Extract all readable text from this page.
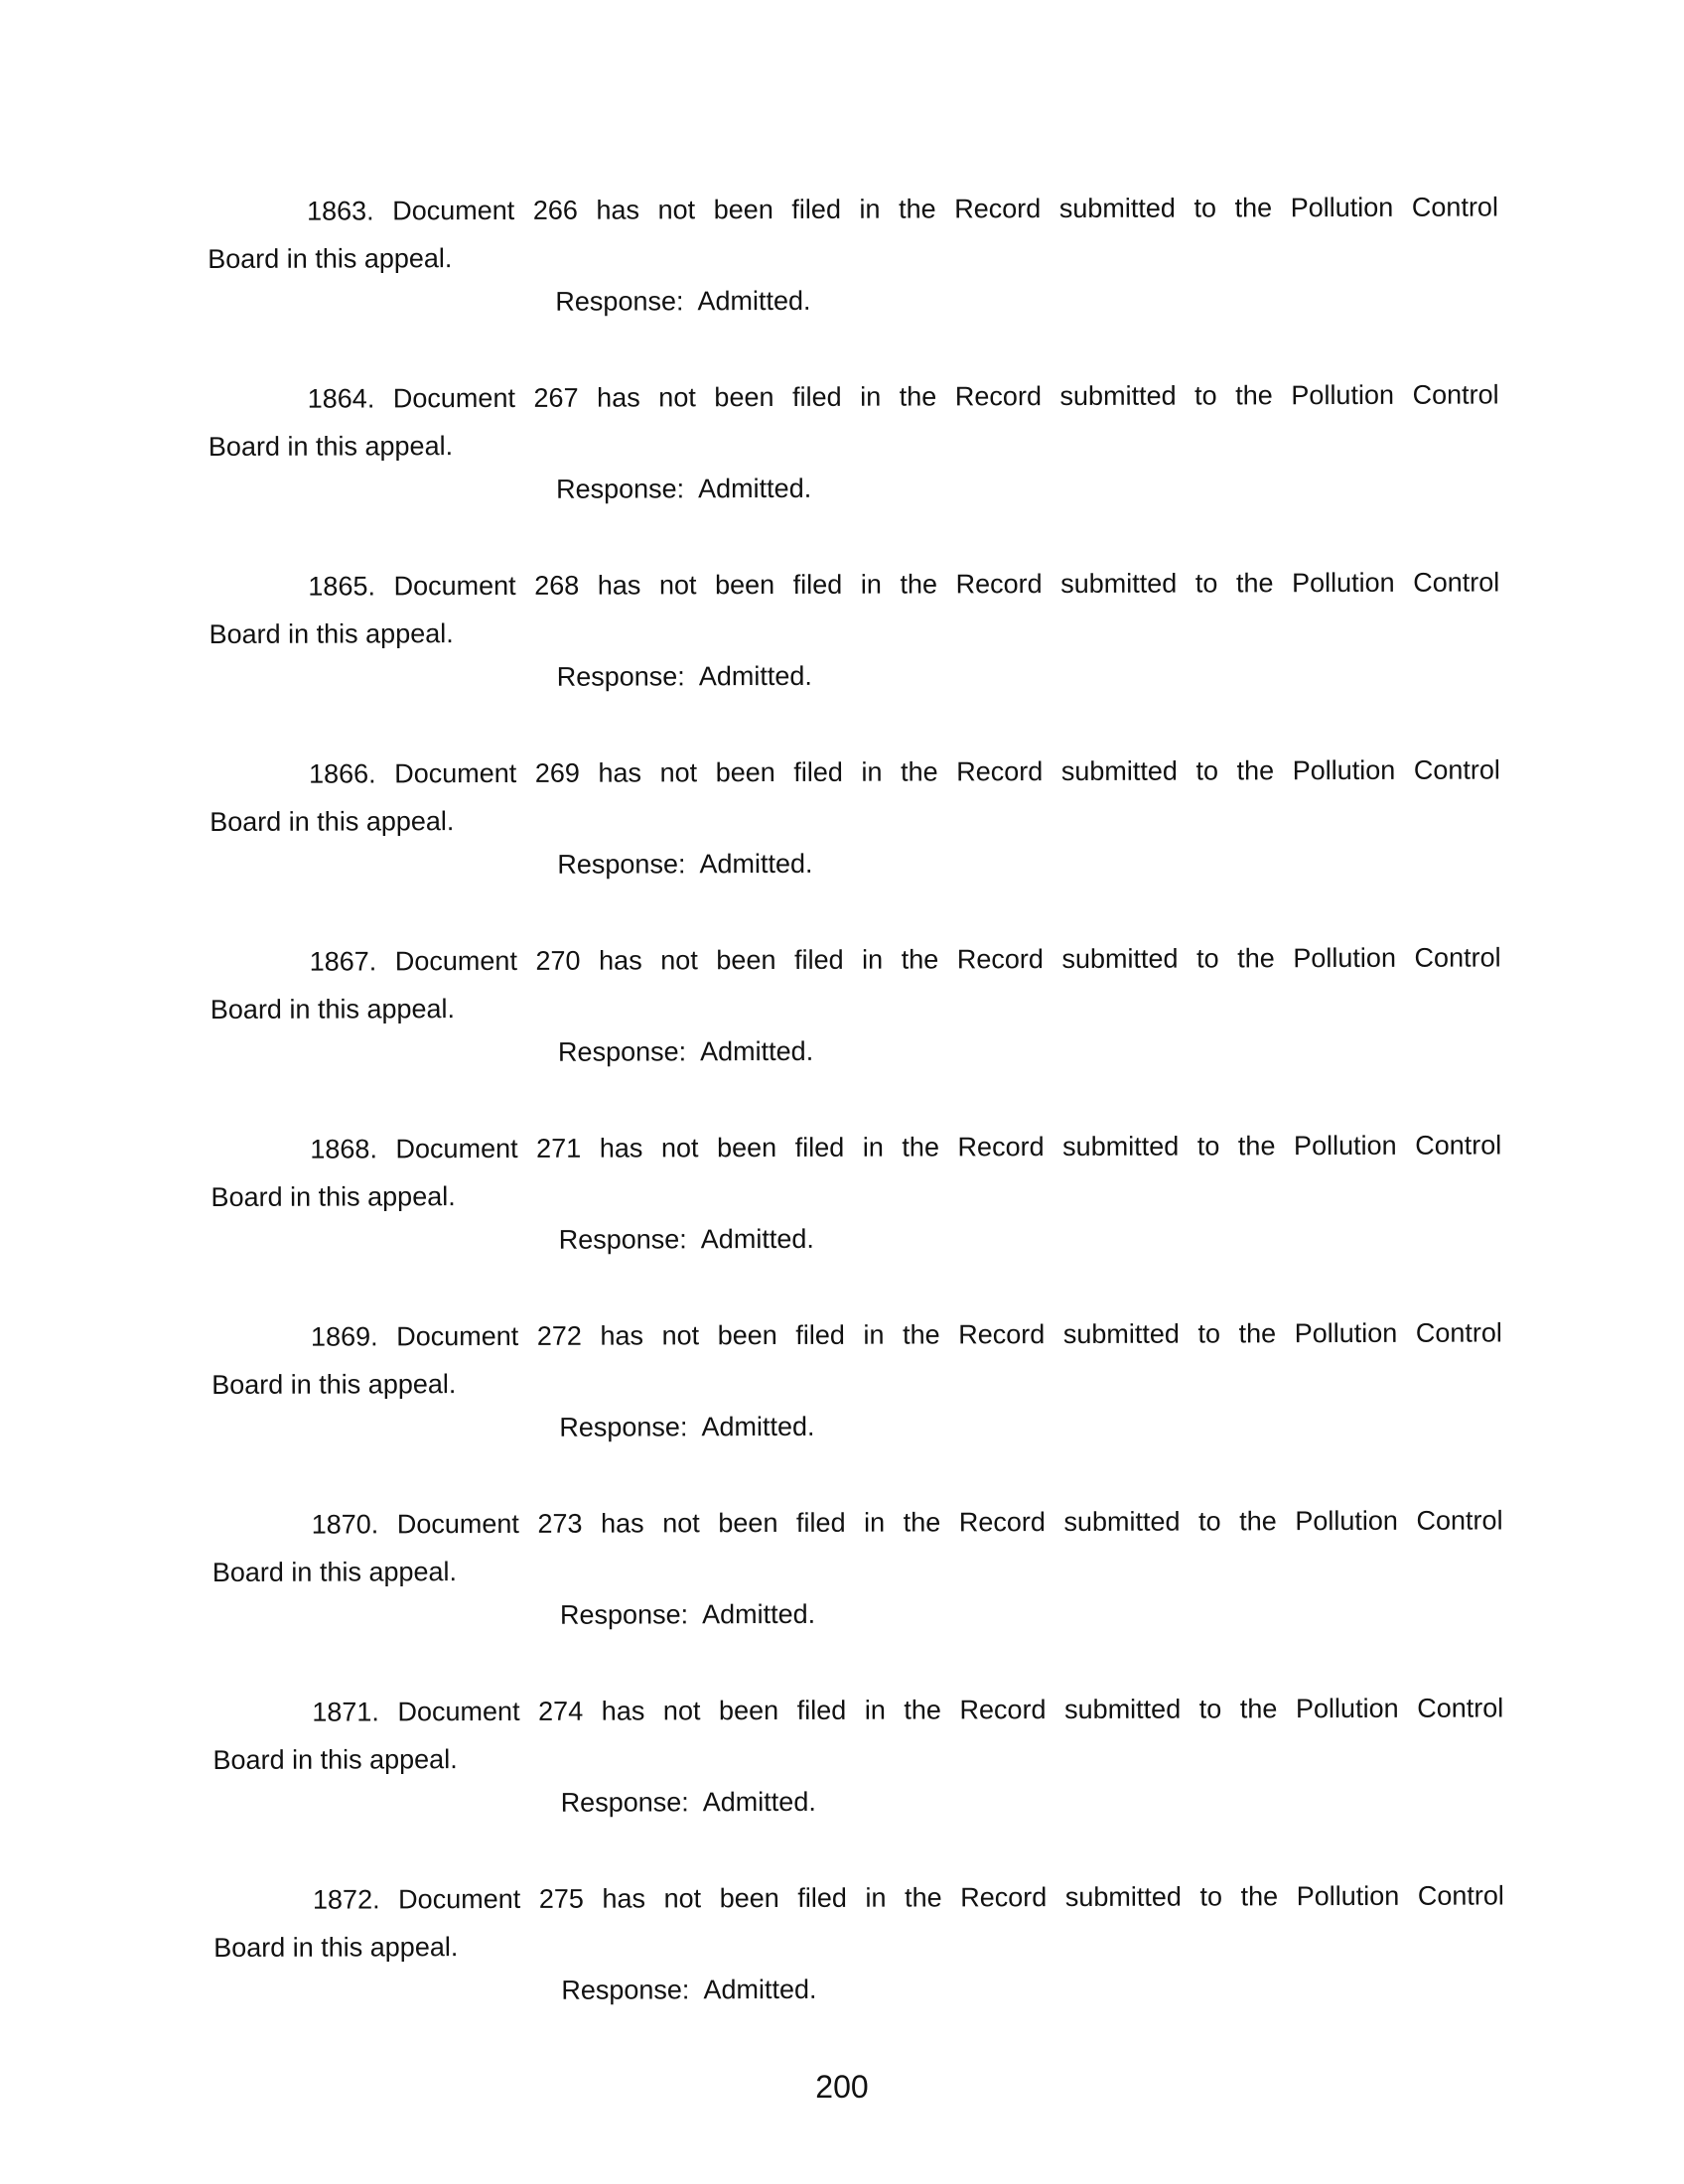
1863. Document 266 has not been filed in the Record submitted to the Pollution Control
Board in this appeal.
Response: Admitted.
1864. Document 267 has not been filed in the Record submitted to the Pollution Control
Board in this appeal.
Response: Admitted.
1865. Document 268 has not been filed in the Record submitted to the Pollution Control
Board in this appeal.
Response: Admitted.
1866. Document 269 has not been filed in the Record submitted to the Pollution Control
Board in this appeal.
Response: Admitted.
1867. Document 270 has not been filed in the Record submitted to the Pollution Control
Board in this appeal.
Response: Admitted.
1868. Document 271 has not been filed in the Record submitted to the Pollution Control
Board in this appeal.
Response: Admitted.
1869. Document 272 has not been filed in the Record submitted to the Pollution Control
Board in this appeal.
Response: Admitted.
1870. Document 273 has not been filed in the Record submitted to the Pollution Control
Board in this appeal.
Response: Admitted.
1871. Document 274 has not been filed in the Record submitted to the Pollution Control
Board in this appeal.
Response: Admitted.
1872. Document 275 has not been filed in the Record submitted to the Pollution Control
Board in this appeal.
Response: Admitted.
200
